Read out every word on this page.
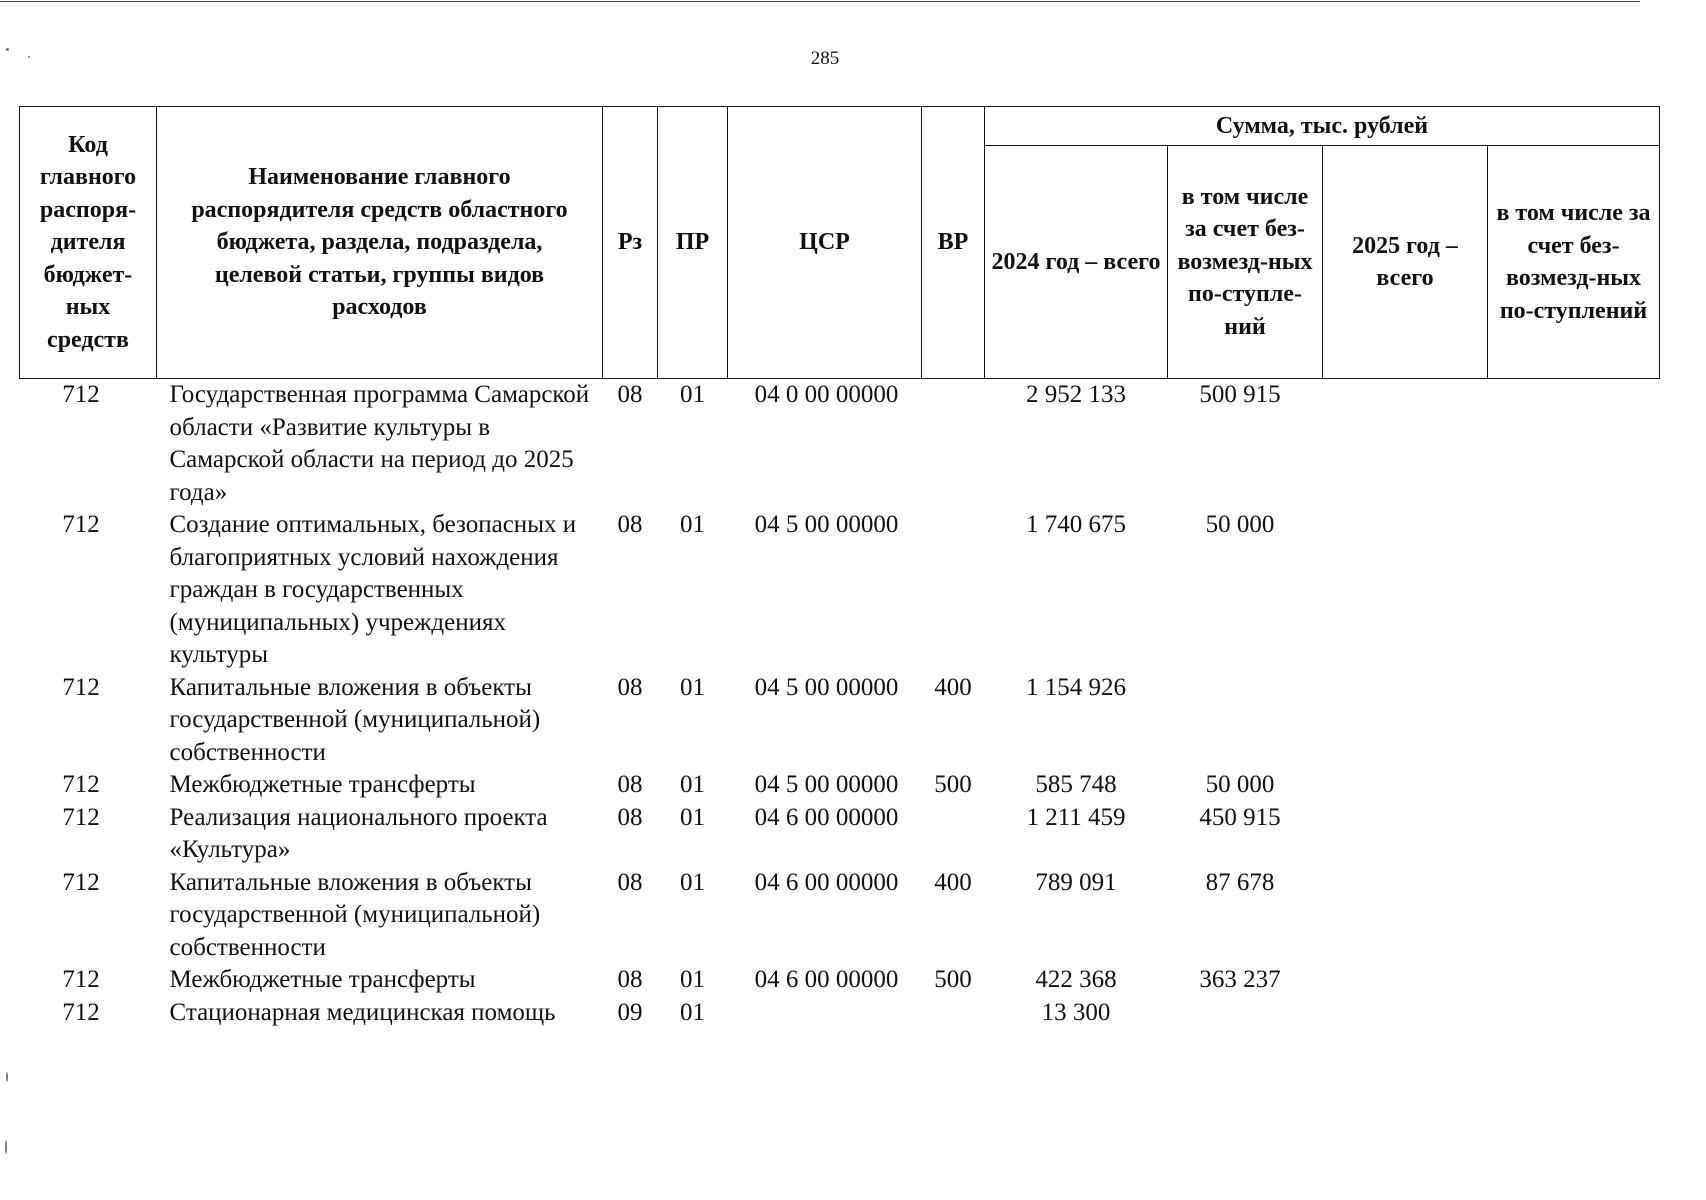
285
Код главного распоря-дителя бюджет-ных средств	Наименование главного распорядителя средств областного бюджета, раздела, подраздела, целевой статьи, группы видов расходов	Рз	ПР	ЦСР	ВР	Сумма, тыс. рублей			
						2024 год – всего	в том числе за счет без-возмезд-ных по-ступле-ний	2025 год – всего	в том числе за счет без-возмезд-ных по-ступлений
712	Государственная программа Самарской области «Развитие культуры в Самарской области на период до 2025 года»	08	01	04 0 00 00000		2 952 133	500 915		
712	Создание оптимальных, безопасных и благоприятных условий нахождения граждан в государственных (муниципальных) учреждениях культуры	08	01	04 5 00 00000		1 740 675	50 000		
712	Капитальные вложения в объекты государственной (муниципальной) собственности	08	01	04 5 00 00000	400	1 154 926			
712	Межбюджетные трансферты	08	01	04 5 00 00000	500	585 748	50 000		
712	Реализация национального проекта «Культура»	08	01	04 6 00 00000		1 211 459	450 915		
712	Капитальные вложения в объекты государственной (муниципальной) собственности	08	01	04 6 00 00000	400	789 091	87 678		
712	Межбюджетные трансферты	08	01	04 6 00 00000	500	422 368	363 237		
712	Стационарная медицинская помощь	09	01			13 300			
